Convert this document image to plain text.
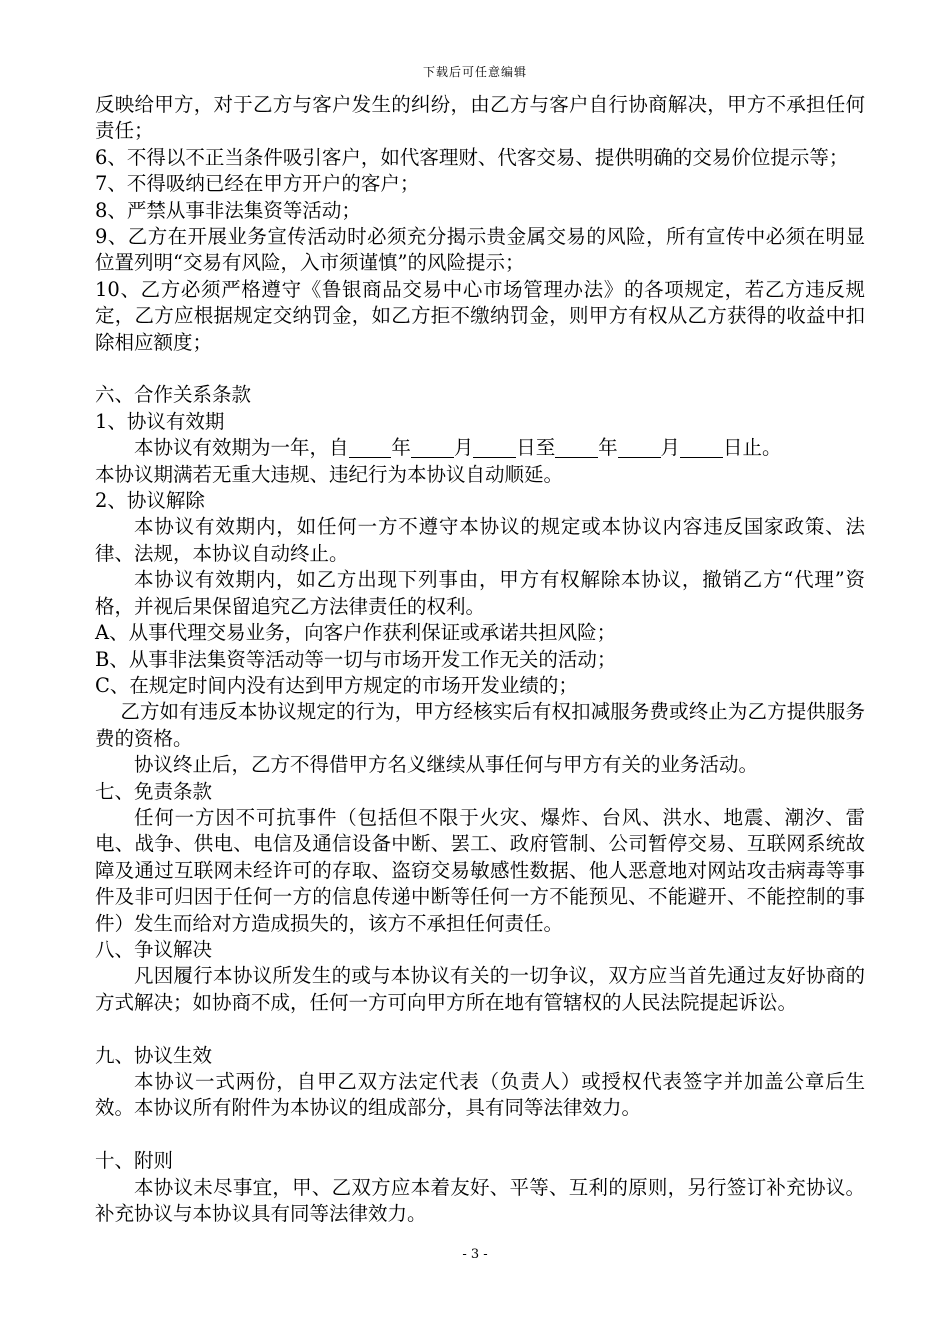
下载后可任意编辑

反映给甲方，对于乙方与客户发生的纠纷，由乙方与客户自行协商解决，甲方不承担任何责任；

6、不得以不正当条件吸引客户，如代客理财、代客交易、提供明确的交易价位提示等；

7、不得吸纳已经在甲方开户的客户；

8、严禁从事非法集资等活动；

9、乙方在开展业务宣传活动时必须充分揭示贵金属交易的风险，所有宣传中必须在明显位置列明“交易有风险，入市须谨慎”的风险提示；

10、乙方必须严格遵守《鲁银商品交易中心市场管理办法》的各项规定，若乙方违反规定，乙方应根据规定交纳罚金，如乙方拒不缴纳罚金，则甲方有权从乙方获得的收益中扣除相应额度；

六、合作关系条款

1、协议有效期

本协议有效期为一年，自 年 月 日至 年 月 日止。

本协议期满若无重大违规、违纪行为本协议自动顺延。

2、协议解除

本协议有效期内，如任何一方不遵守本协议的规定或本协议内容违反国家政策、法律、法规，本协议自动终止。

本协议有效期内，如乙方出现下列事由，甲方有权解除本协议，撤销乙方“代理”资格，并视后果保留追究乙方法律责任的权利。

A、从事代理交易业务，向客户作获利保证或承诺共担风险；

B、从事非法集资等活动等一切与市场开发工作无关的活动；

C、在规定时间内没有达到甲方规定的市场开发业绩的；

乙方如有违反本协议规定的行为，甲方经核实后有权扣减服务费或终止为乙方提供服务费的资格。

协议终止后，乙方不得借甲方名义继续从事任何与甲方有关的业务活动。

七、免责条款

任何一方因不可抗事件（包括但不限于火灾、爆炸、台风、洪水、地震、潮汐、雷电、战争、供电、电信及通信设备中断、罢工、政府管制、公司暂停交易、互联网系统故障及通过互联网未经许可的存取、盗窃交易敏感性数据、他人恶意地对网站攻击病毒等事件及非可归因于任何一方的信息传递中断等任何一方不能预见、不能避开、不能控制的事件）发生而给对方造成损失的，该方不承担任何责任。

八、争议解决

凡因履行本协议所发生的或与本协议有关的一切争议，双方应当首先通过友好协商的方式解决；如协商不成，任何一方可向甲方所在地有管辖权的人民法院提起诉讼。

九、协议生效

本协议一式两份，自甲乙双方法定代表（负责人）或授权代表签字并加盖公章后生效。本协议所有附件为本协议的组成部分，具有同等法律效力。

十、附则

本协议未尽事宜，甲、乙双方应本着友好、平等、互利的原则，另行签订补充协议。补充协议与本协议具有同等法律效力。

- 3 -
